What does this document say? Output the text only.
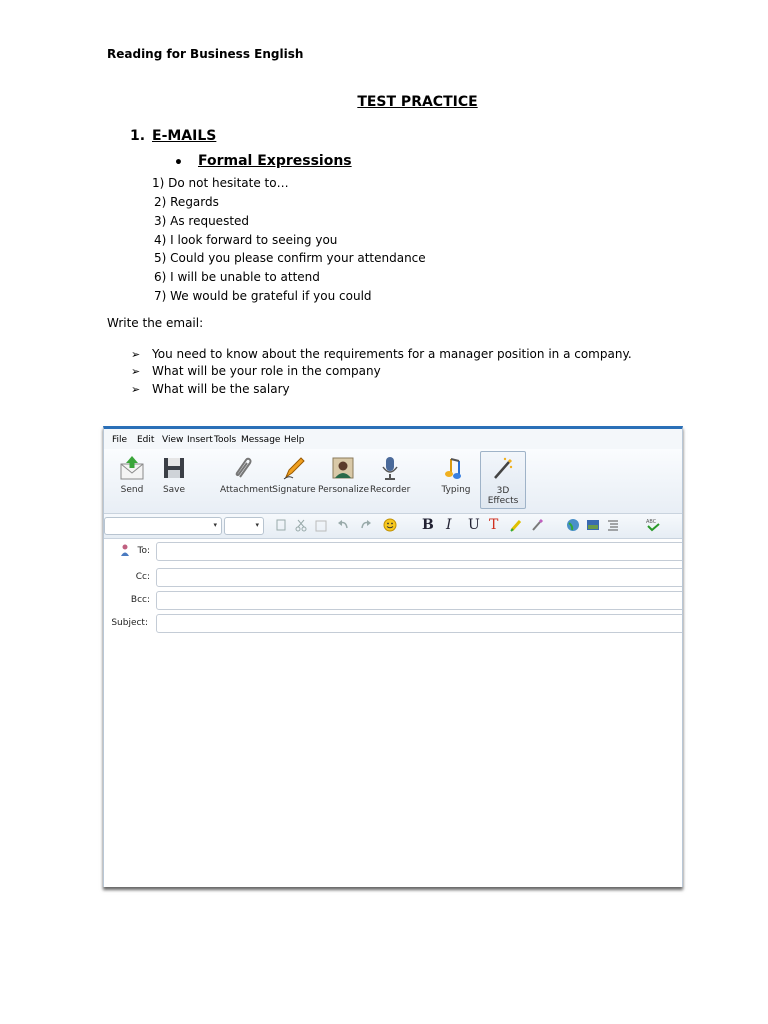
Reading for Business English
TEST PRACTICE
1. E-MAILS
• Formal Expressions
1) Do not hesitate to…
2) Regards
3) As requested
4) I look forward to seeing you
5) Could you please confirm your attendance
6) I will be unable to attend
7) We would be grateful if you could
Write the email:
➢ You need to know about the requirements for a manager position in a company.
➢ What will be your role in the company
➢ What will be the salary
File Edit View Insert Tools Message Help
Send	Save	Attachment Signature Personalize Recorder	Typing	3D Effects
▾	▾	B I U T	ABC
To:
Cc:
Bcc:
Subject:
